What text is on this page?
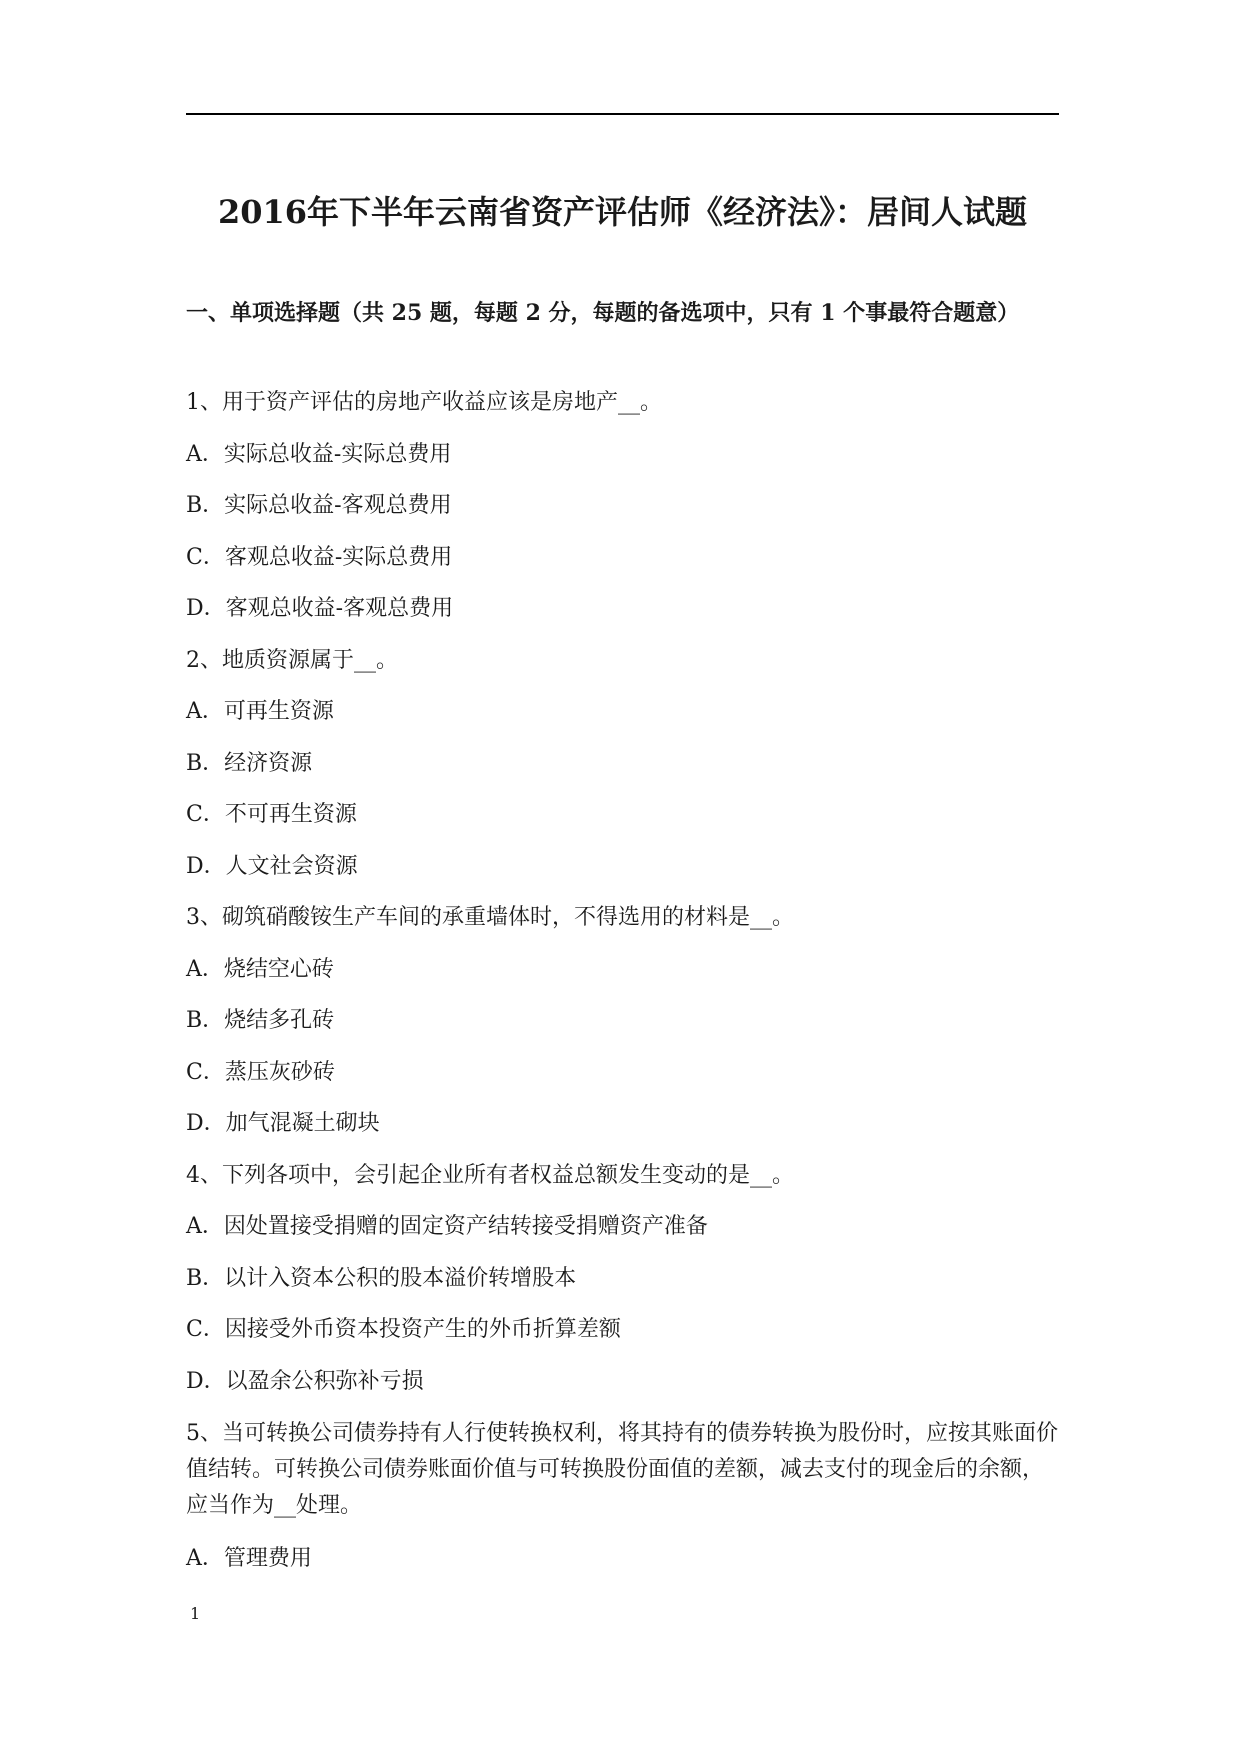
2016年下半年云南省资产评估师《经济法》：居间人试题
一、单项选择题（共 25 题，每题 2 分，每题的备选项中，只有 1 个事最符合题意）
1、用于资产评估的房地产收益应该是房地产__。
A．实际总收益-实际总费用
B．实际总收益-客观总费用
C．客观总收益-实际总费用
D．客观总收益-客观总费用
2、地质资源属于__。
A．可再生资源
B．经济资源
C．不可再生资源
D．人文社会资源
3、砌筑硝酸铵生产车间的承重墙体时，不得选用的材料是__。
A．烧结空心砖
B．烧结多孔砖
C．蒸压灰砂砖
D．加气混凝土砌块
4、下列各项中，会引起企业所有者权益总额发生变动的是__。
A．因处置接受捐赠的固定资产结转接受捐赠资产准备
B．以计入资本公积的股本溢价转增股本
C．因接受外币资本投资产生的外币折算差额
D．以盈余公积弥补亏损
5、当可转换公司债券持有人行使转换权利，将其持有的债券转换为股份时，应按其账面价值结转。可转换公司债券账面价值与可转换股份面值的差额，减去支付的现金后的余额，应当作为__处理。
A．管理费用
1
